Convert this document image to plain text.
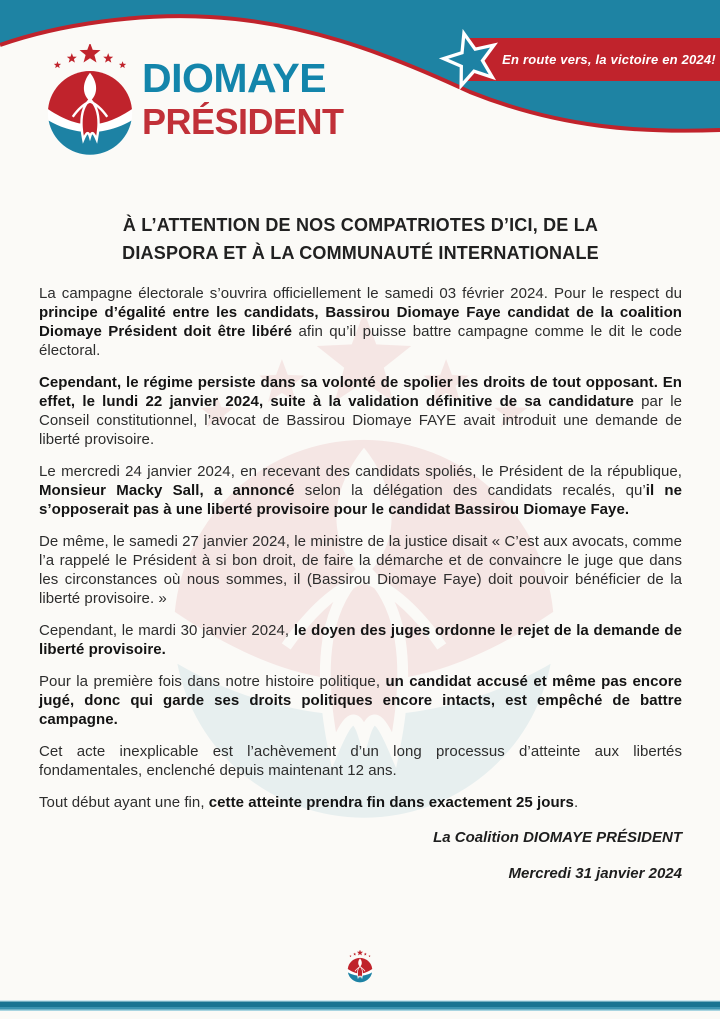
En route vers, la victoire en 2024!
DIOMAYE
PRÉSIDENT
À L’ATTENTION DE NOS COMPATRIOTES D’ICI, DE LA
DIASPORA ET À LA COMMUNAUTÉ INTERNATIONALE

La campagne électorale s’ouvrira officiellement le samedi 03 février 2024. Pour le respect du principe d’égalité entre les candidats, Bassirou Diomaye Faye candidat de la coalition Diomaye Président doit être libéré afin qu’il puisse battre campagne comme le dit le code électoral.

Cependant, le régime persiste dans sa volonté de spolier les droits de tout opposant. En effet, le lundi 22 janvier 2024, suite à la validation définitive de sa candidature par le Conseil constitutionnel, l’avocat de Bassirou Diomaye FAYE avait introduit une demande de liberté provisoire.

Le mercredi 24 janvier 2024, en recevant des candidats spoliés, le Président de la république, Monsieur Macky Sall, a annoncé selon la délégation des candidats recalés, qu’il ne s’opposerait pas à une liberté provisoire pour le candidat Bassirou Diomaye Faye.

De même, le samedi 27 janvier 2024, le ministre de la justice disait « C’est aux avocats, comme l’a rappelé le Président à si bon droit, de faire la démarche et de convaincre le juge que dans les circonstances où nous sommes, il (Bassirou Diomaye Faye) doit pouvoir bénéficier de la liberté provisoire. »

Cependant, le mardi 30 janvier 2024, le doyen des juges ordonne le rejet de la demande de liberté provisoire.

Pour la première fois dans notre histoire politique, un candidat accusé et même pas encore jugé, donc qui garde ses droits politiques encore intacts, est empêché de battre campagne.

Cet acte inexplicable est l’achèvement d’un long processus d’atteinte aux libertés fondamentales, enclenché depuis maintenant 12 ans.

Tout début ayant une fin, cette atteinte prendra fin dans exactement 25 jours.

La Coalition DIOMAYE PRÉSIDENT
Mercredi 31 janvier 2024
